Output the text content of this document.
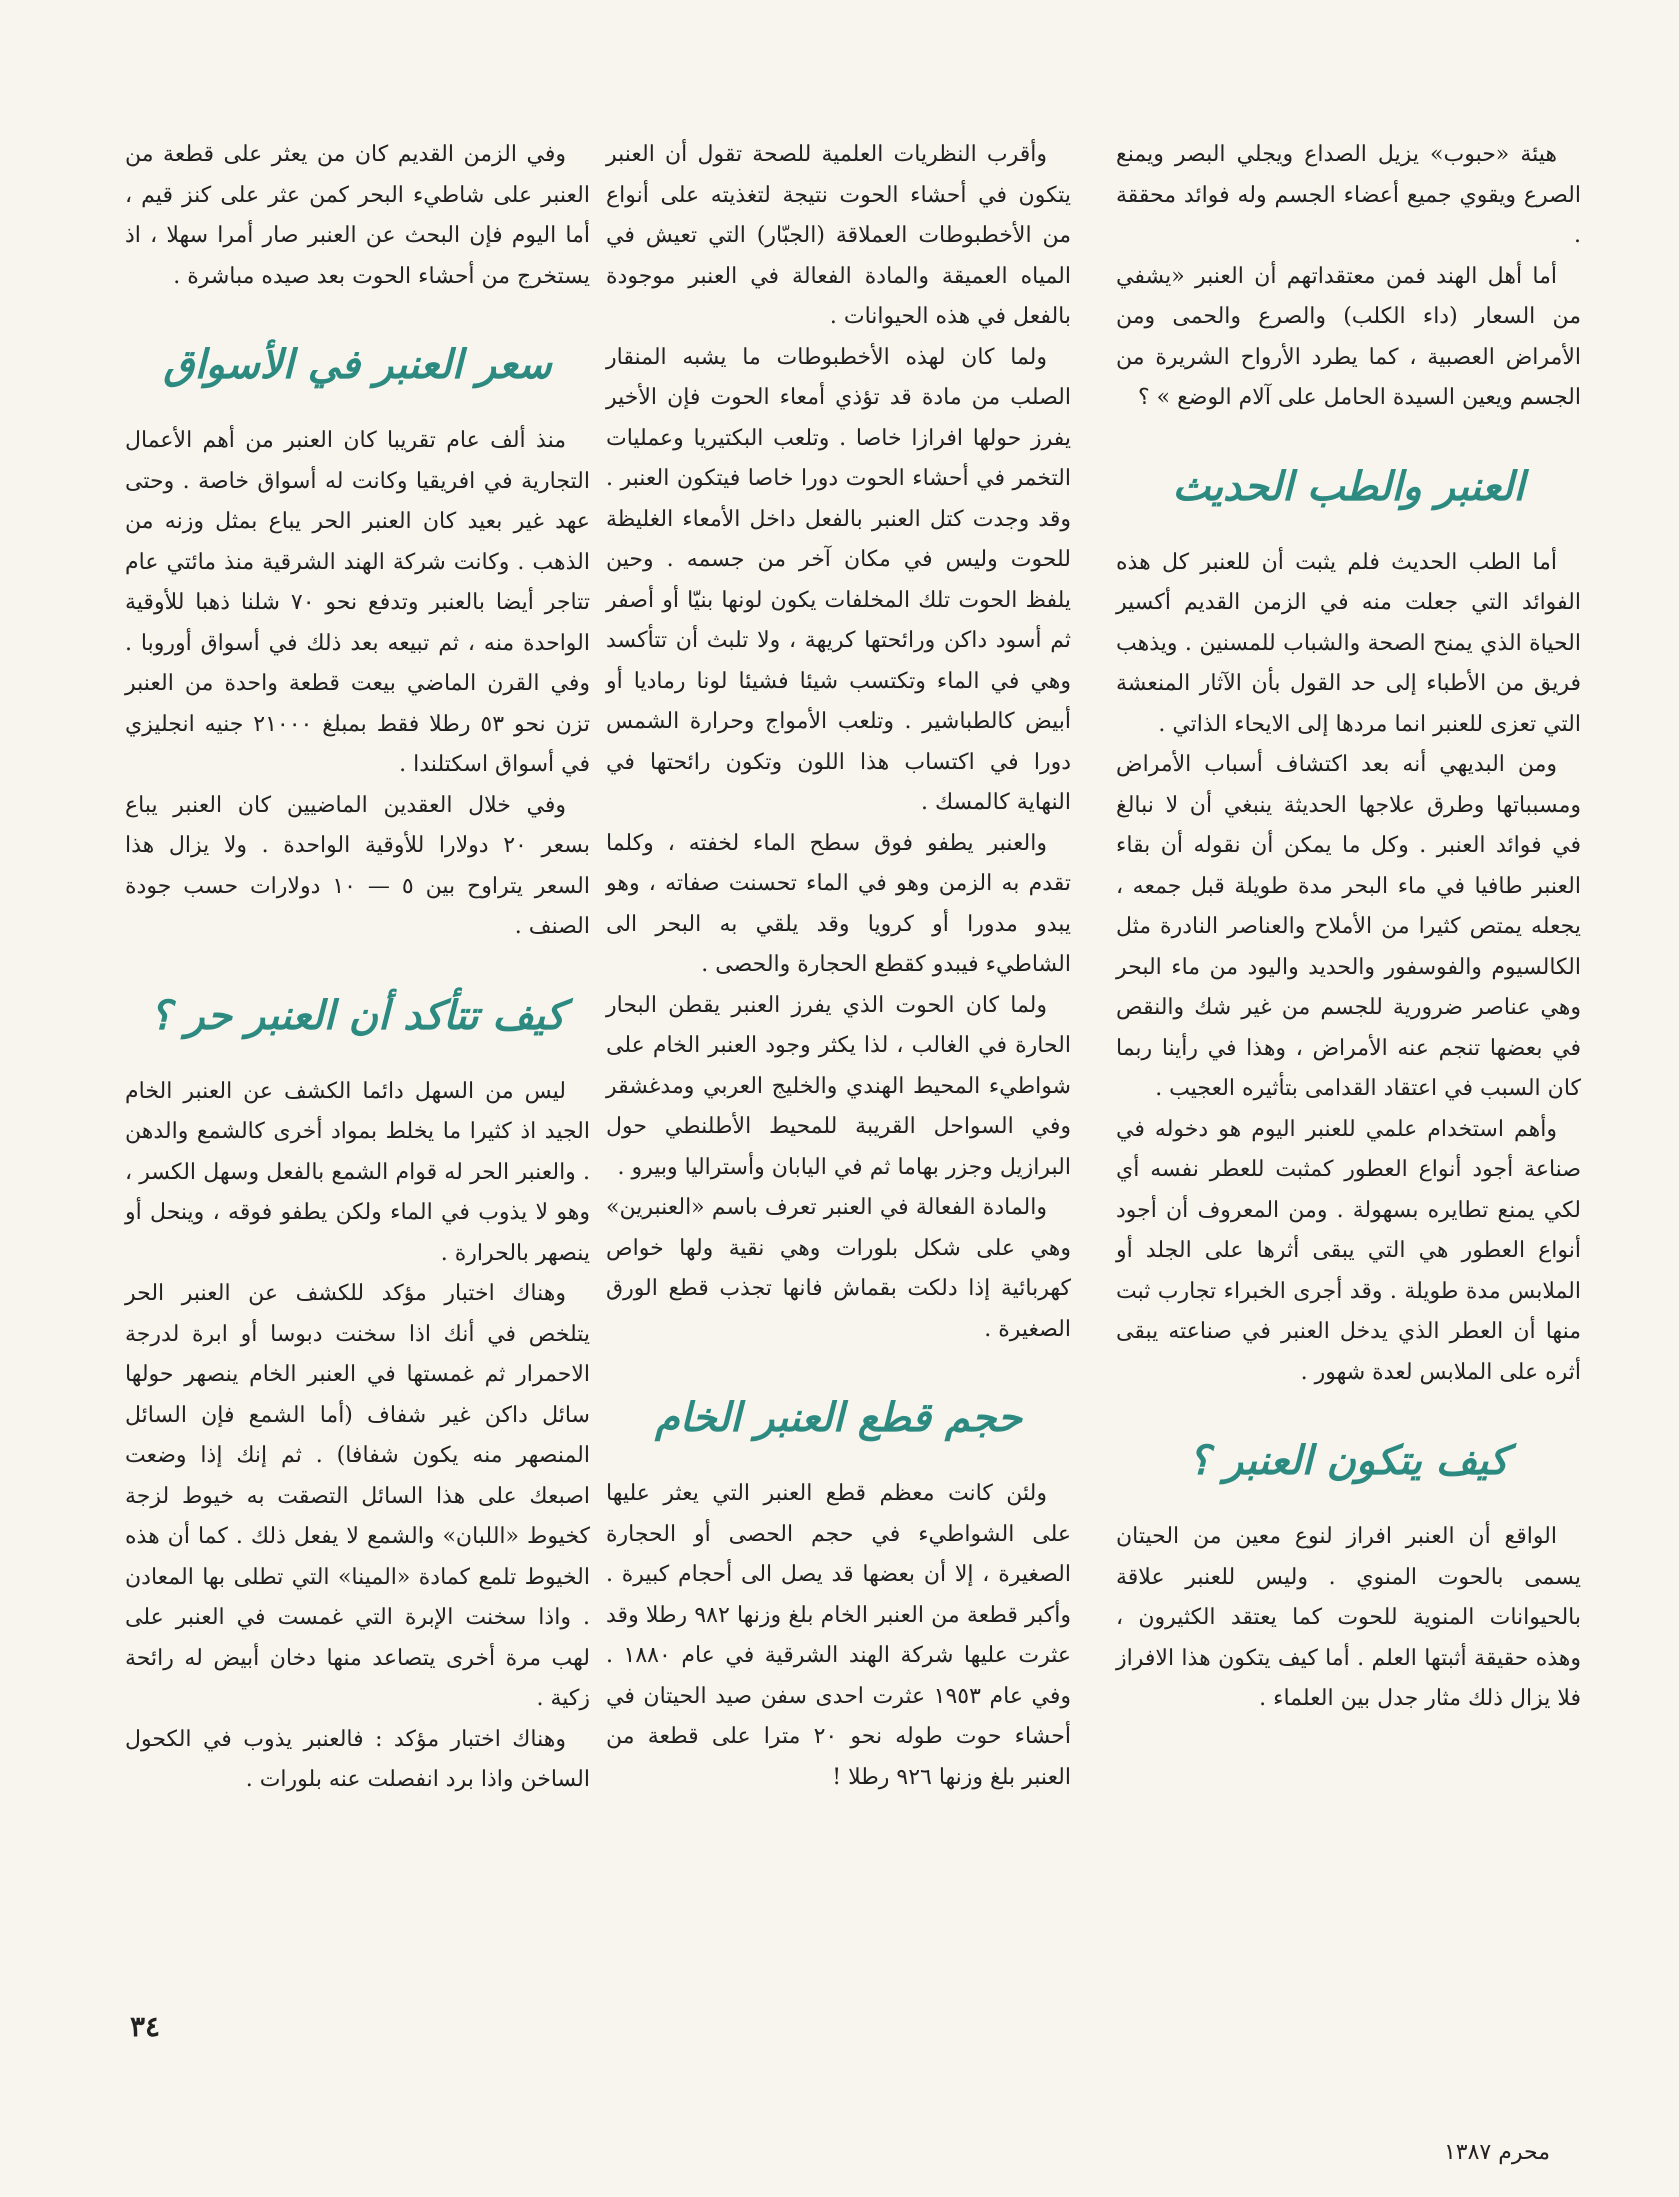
هيئة «حبوب» يزيل الصداع ويجلي البصر ويمنع الصرع ويقوي جميع أعضاء الجسم وله فوائد محققة .

أما أهل الهند فمن معتقداتهم أن العنبر «يشفي من السعار (داء الكلب) والصرع والحمى ومن الأمراض العصبية ، كما يطرد الأرواح الشريرة من الجسم ويعين السيدة الحامل على آلام الوضع » ؟

العنبر والطب الحديث

أما الطب الحديث فلم يثبت أن للعنبر كل هذه الفوائد التي جعلت منه في الزمن القديم أكسير الحياة الذي يمنح الصحة والشباب للمسنين . ويذهب فريق من الأطباء إلى حد القول بأن الآثار المنعشة التي تعزى للعنبر انما مردها إلى الايحاء الذاتي .

ومن البديهي أنه بعد اكتشاف أسباب الأمراض ومسبباتها وطرق علاجها الحديثة ينبغي أن لا نبالغ في فوائد العنبر . وكل ما يمكن أن نقوله أن بقاء العنبر طافيا في ماء البحر مدة طويلة قبل جمعه ، يجعله يمتص كثيرا من الأملاح والعناصر النادرة مثل الكالسيوم والفوسفور والحديد واليود من ماء البحر وهي عناصر ضرورية للجسم من غير شك والنقص في بعضها تنجم عنه الأمراض ، وهذا في رأينا ربما كان السبب في اعتقاد القدامى بتأثيره العجيب .

وأهم استخدام علمي للعنبر اليوم هو دخوله في صناعة أجود أنواع العطور كمثبت للعطر نفسه أي لكي يمنع تطايره بسهولة . ومن المعروف أن أجود أنواع العطور هي التي يبقى أثرها على الجلد أو الملابس مدة طويلة . وقد أجرى الخبراء تجارب ثبت منها أن العطر الذي يدخل العنبر في صناعته يبقى أثره على الملابس لعدة شهور .

كيف يتكون العنبر ؟

الواقع أن العنبر افراز لنوع معين من الحيتان يسمى بالحوت المنوي . وليس للعنبر علاقة بالحيوانات المنوية للحوت كما يعتقد الكثيرون ، وهذه حقيقة أثبتها العلم . أما كيف يتكون هذا الافراز فلا يزال ذلك مثار جدل بين العلماء .

وأقرب النظريات العلمية للصحة تقول أن العنبر يتكون في أحشاء الحوت نتيجة لتغذيته على أنواع من الأخطبوطات العملاقة (الجبّار) التي تعيش في المياه العميقة والمادة الفعالة في العنبر موجودة بالفعل في هذه الحيوانات .

ولما كان لهذه الأخطبوطات ما يشبه المنقار الصلب من مادة قد تؤذي أمعاء الحوت فإن الأخير يفرز حولها افرازا خاصا . وتلعب البكتيريا وعمليات التخمر في أحشاء الحوت دورا خاصا فيتكون العنبر . وقد وجدت كتل العنبر بالفعل داخل الأمعاء الغليظة للحوت وليس في مكان آخر من جسمه . وحين يلفظ الحوت تلك المخلفات يكون لونها بنيّا أو أصفر ثم أسود داكن ورائحتها كريهة ، ولا تلبث أن تتأكسد وهي في الماء وتكتسب شيئا فشيئا لونا رماديا أو أبيض كالطباشير . وتلعب الأمواج وحرارة الشمس دورا في اكتساب هذا اللون وتكون رائحتها في النهاية كالمسك .

والعنبر يطفو فوق سطح الماء لخفته ، وكلما تقدم به الزمن وهو في الماء تحسنت صفاته ، وهو يبدو مدورا أو كرويا وقد يلقي به البحر الى الشاطيء فيبدو كقطع الحجارة والحصى .

ولما كان الحوت الذي يفرز العنبر يقطن البحار الحارة في الغالب ، لذا يكثر وجود العنبر الخام على شواطيء المحيط الهندي والخليج العربي ومدغشقر وفي السواحل القريبة للمحيط الأطلنطي حول البرازيل وجزر بهاما ثم في اليابان وأستراليا وبيرو .

والمادة الفعالة في العنبر تعرف باسم «العنبرين» وهي على شكل بلورات وهي نقية ولها خواص كهربائية إذا دلكت بقماش فانها تجذب قطع الورق الصغيرة .

حجم قطع العنبر الخام

ولئن كانت معظم قطع العنبر التي يعثر عليها على الشواطيء في حجم الحصى أو الحجارة الصغيرة ، إلا أن بعضها قد يصل الى أحجام كبيرة . وأكبر قطعة من العنبر الخام بلغ وزنها ٩٨٢ رطلا وقد عثرت عليها شركة الهند الشرقية في عام ١٨٨٠ . وفي عام ١٩٥٣ عثرت احدى سفن صيد الحيتان في أحشاء حوت طوله نحو ٢٠ مترا على قطعة من العنبر بلغ وزنها ٩٢٦ رطلا !

وفي الزمن القديم كان من يعثر على قطعة من العنبر على شاطيء البحر كمن عثر على كنز قيم ، أما اليوم فإن البحث عن العنبر صار أمرا سهلا ، اذ يستخرج من أحشاء الحوت بعد صيده مباشرة .

سعر العنبر في الأسواق

منذ ألف عام تقريبا كان العنبر من أهم الأعمال التجارية في افريقيا وكانت له أسواق خاصة . وحتى عهد غير بعيد كان العنبر الحر يباع بمثل وزنه من الذهب . وكانت شركة الهند الشرقية منذ مائتي عام تتاجر أيضا بالعنبر وتدفع نحو ٧٠ شلنا ذهبا للأوقية الواحدة منه ، ثم تبيعه بعد ذلك في أسواق أوروبا . وفي القرن الماضي بيعت قطعة واحدة من العنبر تزن نحو ٥٣ رطلا فقط بمبلغ ٢١٠٠٠ جنيه انجليزي في أسواق اسكتلندا .

وفي خلال العقدين الماضيين كان العنبر يباع بسعر ٢٠ دولارا للأوقية الواحدة . ولا يزال هذا السعر يتراوح بين ٥ — ١٠ دولارات حسب جودة الصنف .

كيف تتأكد أن العنبر حر ؟

ليس من السهل دائما الكشف عن العنبر الخام الجيد اذ كثيرا ما يخلط بمواد أخرى كالشمع والدهن . والعنبر الحر له قوام الشمع بالفعل وسهل الكسر ، وهو لا يذوب في الماء ولكن يطفو فوقه ، وينحل أو ينصهر بالحرارة .

وهناك اختبار مؤكد للكشف عن العنبر الحر يتلخص في أنك اذا سخنت دبوسا أو ابرة لدرجة الاحمرار ثم غمستها في العنبر الخام ينصهر حولها سائل داكن غير شفاف (أما الشمع فإن السائل المنصهر منه يكون شفافا) . ثم إنك إذا وضعت اصبعك على هذا السائل التصقت به خيوط لزجة كخيوط «اللبان» والشمع لا يفعل ذلك . كما أن هذه الخيوط تلمع كمادة «المينا» التي تطلى بها المعادن . واذا سخنت الإبرة التي غمست في العنبر على لهب مرة أخرى يتصاعد منها دخان أبيض له رائحة زكية .

وهناك اختبار مؤكد : فالعنبر يذوب في الكحول الساخن واذا برد انفصلت عنه بلورات .

٣٤
محرم ١٣٨٧
